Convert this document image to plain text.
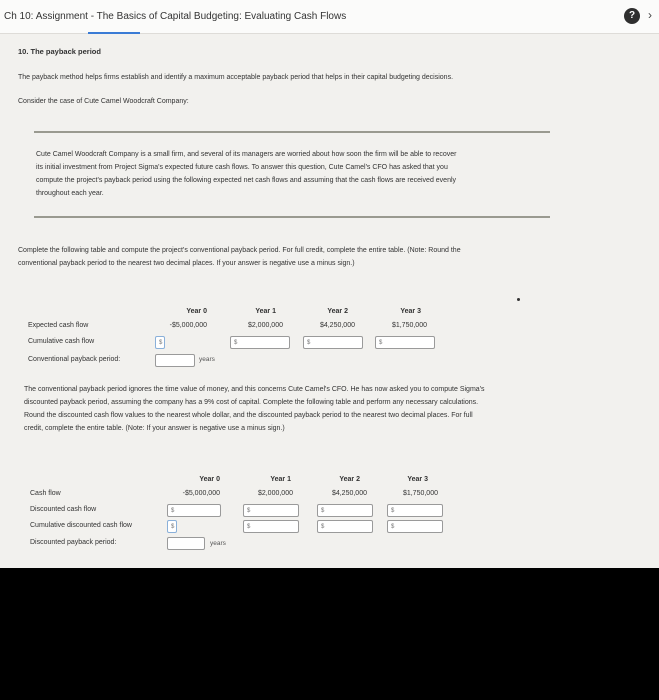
Ch 10: Assignment - The Basics of Capital Budgeting: Evaluating Cash Flows	?	›
10. The payback period
The payback method helps firms establish and identify a maximum acceptable payback period that helps in their capital budgeting decisions.
Consider the case of Cute Camel Woodcraft Company:
Cute Camel Woodcraft Company is a small firm, and several of its managers are worried about how soon the firm will be able to recover
its initial investment from Project Sigma's expected future cash flows. To answer this question, Cute Camel's CFO has asked that you
compute the project's payback period using the following expected net cash flows and assuming that the cash flows are received evenly
throughout each year.
Complete the following table and compute the project's conventional payback period. For full credit, complete the entire table. (Note: Round the
conventional payback period to the nearest two decimal places. If your answer is negative use a minus sign.)
Year 0	Year 1	Year 2	Year 3
Expected cash flow	-$5,000,000	$2,000,000	$4,250,000	$1,750,000
Cumulative cash flow	$	$	$	$
Conventional payback period:	years
The conventional payback period ignores the time value of money, and this concerns Cute Camel's CFO. He has now asked you to compute Sigma's
discounted payback period, assuming the company has a 9% cost of capital. Complete the following table and perform any necessary calculations.
Round the discounted cash flow values to the nearest whole dollar, and the discounted payback period to the nearest two decimal places. For full
credit, complete the entire table. (Note: If your answer is negative use a minus sign.)
Year 0	Year 1	Year 2	Year 3
Cash flow	-$5,000,000	$2,000,000	$4,250,000	$1,750,000
Discounted cash flow	$	$	$	$
Cumulative discounted cash flow	$	$	$	$
Discounted payback period:	years
